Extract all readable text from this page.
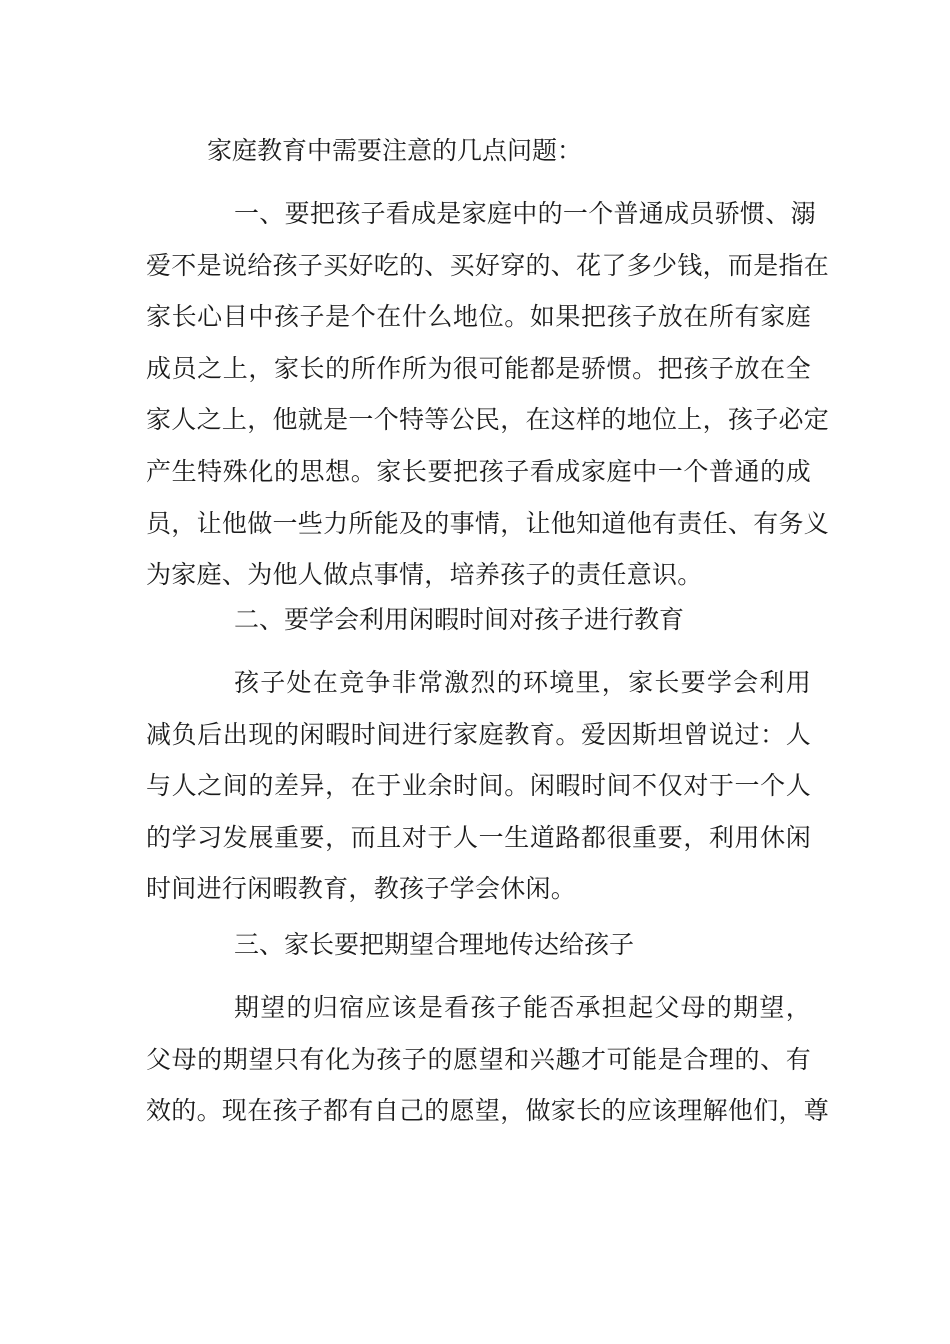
家庭教育中需要注意的几点问题：
一、要把孩子看成是家庭中的一个普通成员骄惯、溺
爱不是说给孩子买好吃的、买好穿的、花了多少钱，而是指在
家长心目中孩子是个在什么地位。如果把孩子放在所有家庭
成员之上，家长的所作所为很可能都是骄惯。把孩子放在全
家人之上，他就是一个特等公民，在这样的地位上，孩子必定
产生特殊化的思想。家长要把孩子看成家庭中一个普通的成
员，让他做一些力所能及的事情，让他知道他有责任、有务义
为家庭、为他人做点事情，培养孩子的责任意识。
二、要学会利用闲暇时间对孩子进行教育
孩子处在竞争非常激烈的环境里，家长要学会利用
减负后出现的闲暇时间进行家庭教育。爱因斯坦曾说过：人
与人之间的差异，在于业余时间。闲暇时间不仅对于一个人
的学习发展重要，而且对于人一生道路都很重要，利用休闲
时间进行闲暇教育，教孩子学会休闲。
三、家长要把期望合理地传达给孩子
期望的归宿应该是看孩子能否承担起父母的期望，
父母的期望只有化为孩子的愿望和兴趣才可能是合理的、有
效的。现在孩子都有自己的愿望，做家长的应该理解他们，尊
